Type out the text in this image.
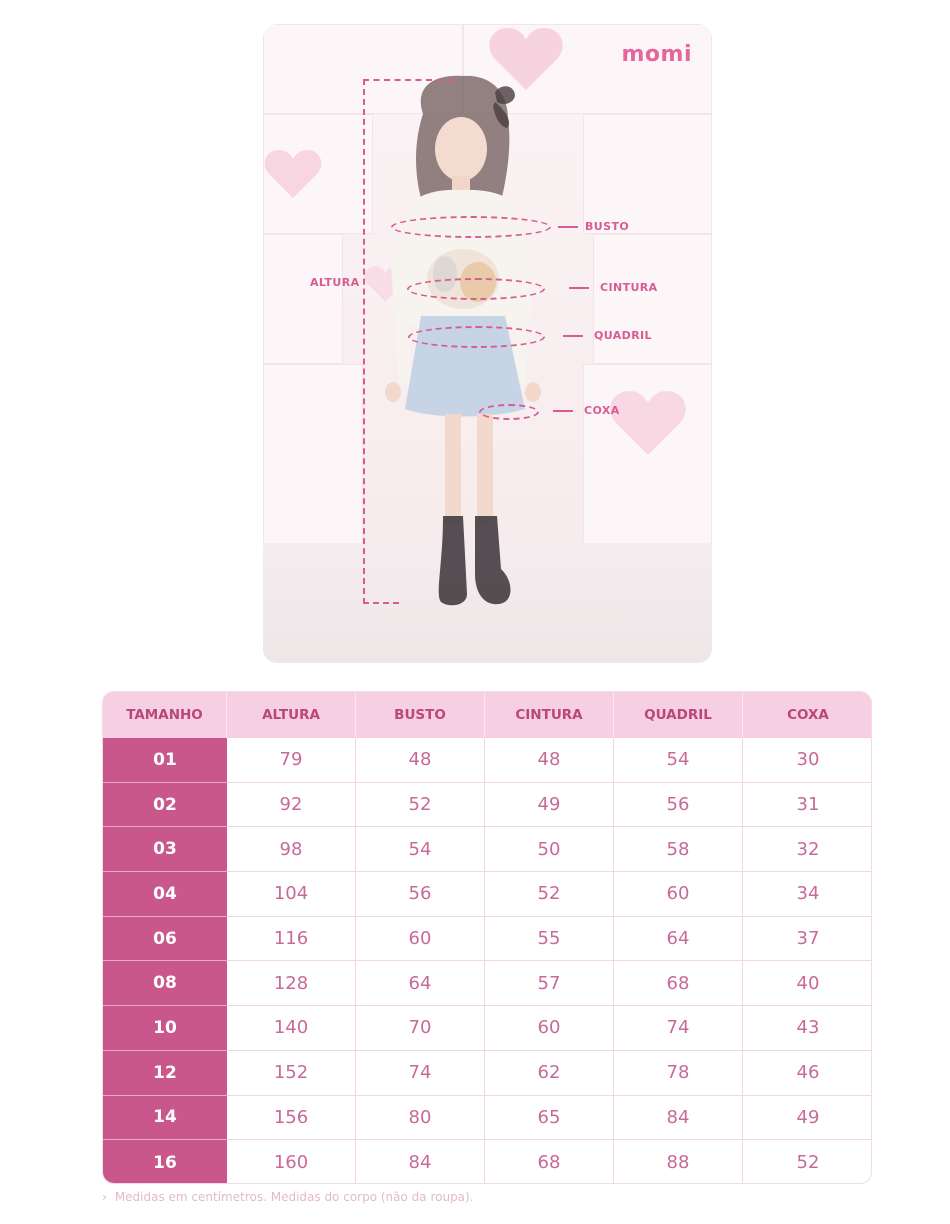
ALTURA
BUSTO
CINTURA
QUADRIL
COXA
momi
TAMANHO	ALTURA	BUSTO	CINTURA	QUADRIL	COXA
01	79	48	48	54	30
02	92	52	49	56	31
03	98	54	50	58	32
04	104	56	52	60	34
06	116	60	55	64	37
08	128	64	57	68	40
10	140	70	60	74	43
12	152	74	62	78	46
14	156	80	65	84	49
16	160	84	68	88	52
› Medidas em centímetros. Medidas do corpo (não da roupa).
